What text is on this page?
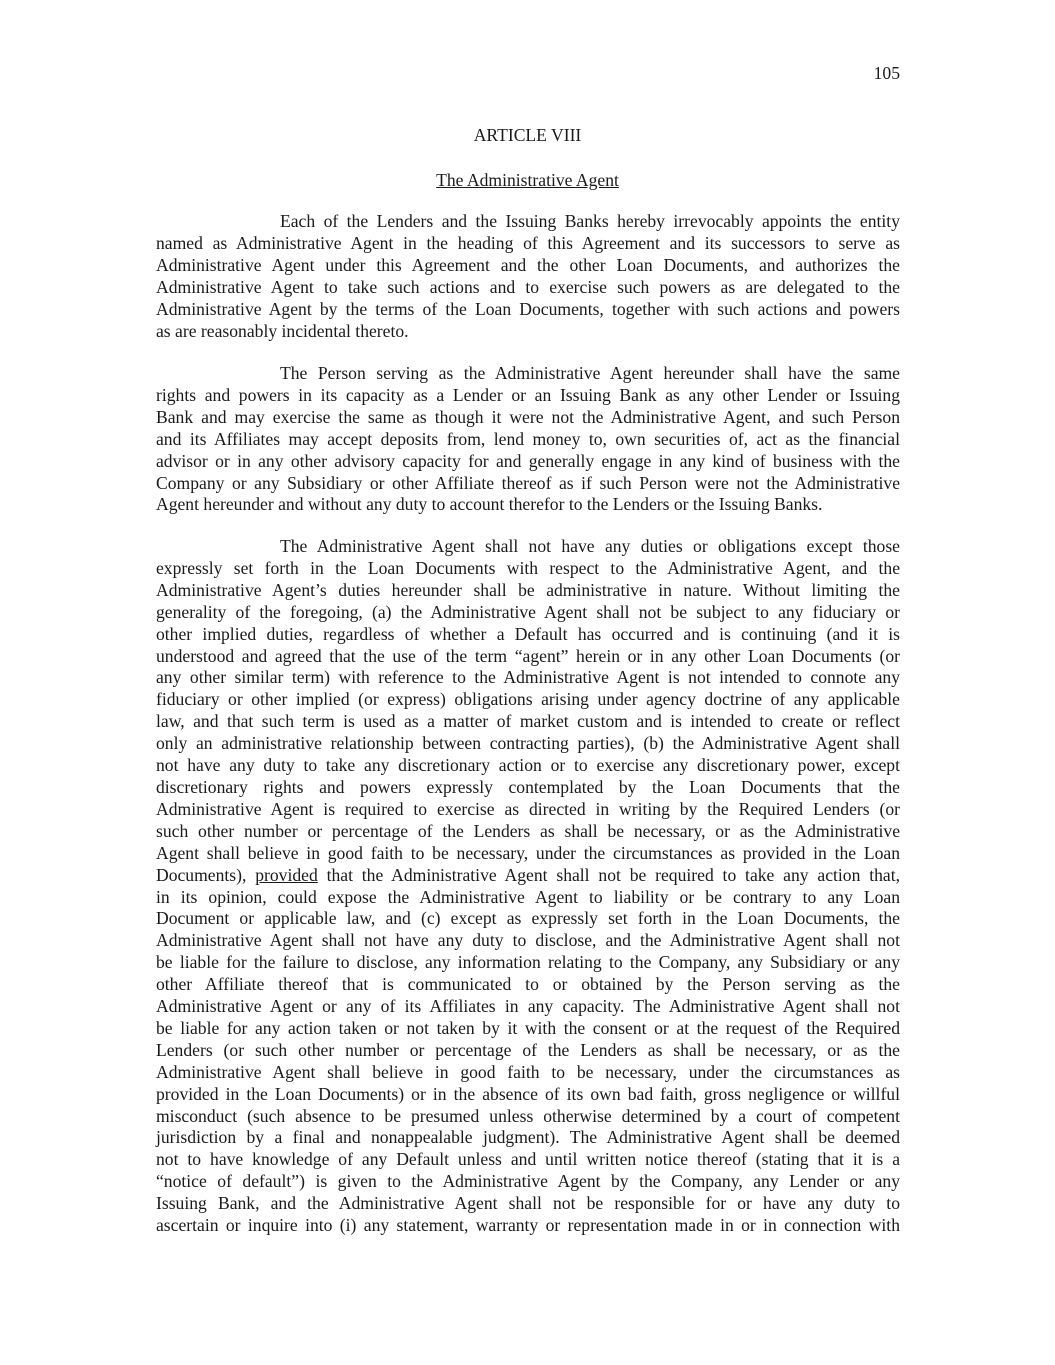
105

ARTICLE VIII

The Administrative Agent

Each of the Lenders and the Issuing Banks hereby irrevocably appoints the entity
named as Administrative Agent in the heading of this Agreement and its successors to serve as
Administrative Agent under this Agreement and the other Loan Documents, and authorizes the
Administrative Agent to take such actions and to exercise such powers as are delegated to the
Administrative Agent by the terms of the Loan Documents, together with such actions and powers
as are reasonably incidental thereto.
The Person serving as the Administrative Agent hereunder shall have the same
rights and powers in its capacity as a Lender or an Issuing Bank as any other Lender or Issuing
Bank and may exercise the same as though it were not the Administrative Agent, and such Person
and its Affiliates may accept deposits from, lend money to, own securities of, act as the financial
advisor or in any other advisory capacity for and generally engage in any kind of business with the
Company or any Subsidiary or other Affiliate thereof as if such Person were not the Administrative
Agent hereunder and without any duty to account therefor to the Lenders or the Issuing Banks.
The Administrative Agent shall not have any duties or obligations except those
expressly set forth in the Loan Documents with respect to the Administrative Agent, and the
Administrative Agent’s duties hereunder shall be administrative in nature. Without limiting the
generality of the foregoing, (a) the Administrative Agent shall not be subject to any fiduciary or
other implied duties, regardless of whether a Default has occurred and is continuing (and it is
understood and agreed that the use of the term “agent” herein or in any other Loan Documents (or
any other similar term) with reference to the Administrative Agent is not intended to connote any
fiduciary or other implied (or express) obligations arising under agency doctrine of any applicable
law, and that such term is used as a matter of market custom and is intended to create or reflect
only an administrative relationship between contracting parties), (b) the Administrative Agent shall
not have any duty to take any discretionary action or to exercise any discretionary power, except
discretionary rights and powers expressly contemplated by the Loan Documents that the
Administrative Agent is required to exercise as directed in writing by the Required Lenders (or
such other number or percentage of the Lenders as shall be necessary, or as the Administrative
Agent shall believe in good faith to be necessary, under the circumstances as provided in the Loan
Documents), provided that the Administrative Agent shall not be required to take any action that,
in its opinion, could expose the Administrative Agent to liability or be contrary to any Loan
Document or applicable law, and (c) except as expressly set forth in the Loan Documents, the
Administrative Agent shall not have any duty to disclose, and the Administrative Agent shall not
be liable for the failure to disclose, any information relating to the Company, any Subsidiary or any
other Affiliate thereof that is communicated to or obtained by the Person serving as the
Administrative Agent or any of its Affiliates in any capacity. The Administrative Agent shall not
be liable for any action taken or not taken by it with the consent or at the request of the Required
Lenders (or such other number or percentage of the Lenders as shall be necessary, or as the
Administrative Agent shall believe in good faith to be necessary, under the circumstances as
provided in the Loan Documents) or in the absence of its own bad faith, gross negligence or willful
misconduct (such absence to be presumed unless otherwise determined by a court of competent
jurisdiction by a final and nonappealable judgment). The Administrative Agent shall be deemed
not to have knowledge of any Default unless and until written notice thereof (stating that it is a
“notice of default”) is given to the Administrative Agent by the Company, any Lender or any
Issuing Bank, and the Administrative Agent shall not be responsible for or have any duty to
ascertain or inquire into (i) any statement, warranty or representation made in or in connection with
